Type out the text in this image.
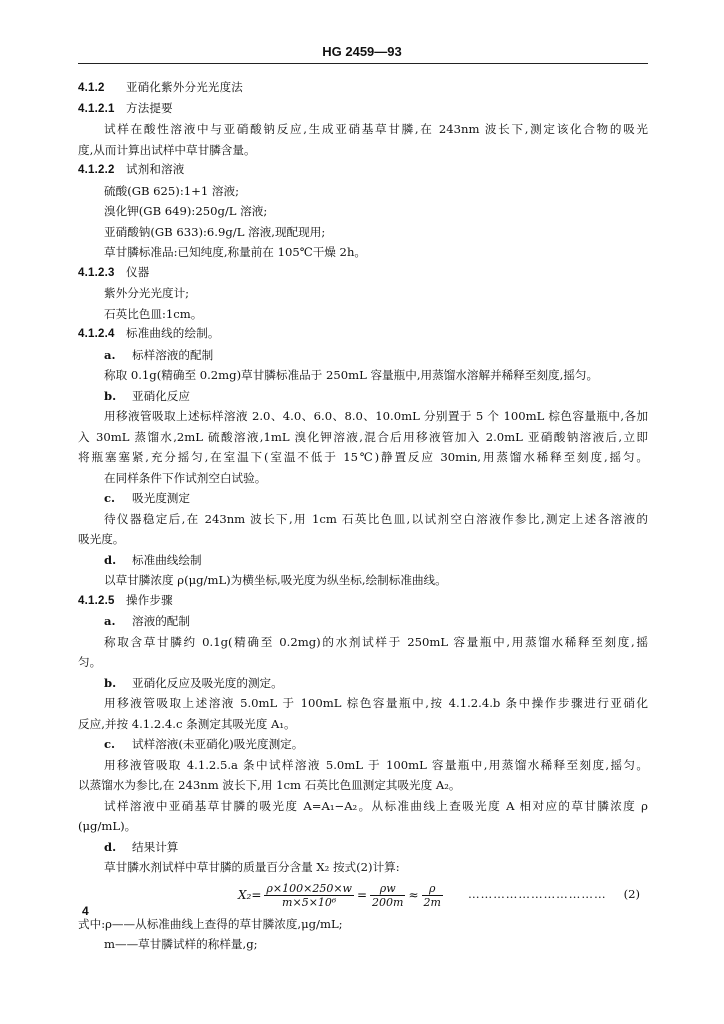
HG 2459—93
4.1.2 亚硝化紫外分光光度法
4.1.2.1 方法提要
试样在酸性溶液中与亚硝酸钠反应,生成亚硝基草甘膦,在 243nm 波长下,测定该化合物的吸光
度,从而计算出试样中草甘膦含量。
4.1.2.2 试剂和溶液
硫酸(GB 625):1+1 溶液;
溴化钾(GB 649):250g/L 溶液;
亚硝酸钠(GB 633):6.9g/L 溶液,现配现用;
草甘膦标准品:已知纯度,称量前在 105℃干燥 2h。
4.1.2.3 仪器
紫外分光光度计;
石英比色皿:1cm。
4.1.2.4 标准曲线的绘制。
a. 标样溶液的配制
称取 0.1g(精确至 0.2mg)草甘膦标准品于 250mL 容量瓶中,用蒸馏水溶解并稀释至刻度,摇匀。
b. 亚硝化反应
用移液管吸取上述标样溶液 2.0、4.0、6.0、8.0、10.0mL 分别置于 5 个 100mL 棕色容量瓶中,各加
入 30mL 蒸馏水,2mL 硫酸溶液,1mL 溴化钾溶液,混合后用移液管加入 2.0mL 亚硝酸钠溶液后,立即
将瓶塞塞紧,充分摇匀,在室温下(室温不低于 15℃)静置反应 30min,用蒸馏水稀释至刻度,摇匀。
在同样条件下作试剂空白试验。
c. 吸光度测定
待仪器稳定后,在 243nm 波长下,用 1cm 石英比色皿,以试剂空白溶液作参比,测定上述各溶液的
吸光度。
d. 标准曲线绘制
以草甘膦浓度 ρ(μg/mL)为横坐标,吸光度为纵坐标,绘制标准曲线。
4.1.2.5 操作步骤
a. 溶液的配制
称取含草甘膦约 0.1g(精确至 0.2mg)的水剂试样于 250mL 容量瓶中,用蒸馏水稀释至刻度,摇
匀。
b. 亚硝化反应及吸光度的测定。
用移液管吸取上述溶液 5.0mL 于 100mL 棕色容量瓶中,按 4.1.2.4.b 条中操作步骤进行亚硝化
反应,并按 4.1.2.4.c 条测定其吸光度 A₁。
c. 试样溶液(未亚硝化)吸光度测定。
用移液管吸取 4.1.2.5.a 条中试样溶液 5.0mL 于 100mL 容量瓶中,用蒸馏水稀释至刻度,摇匀。
以蒸馏水为参比,在 243nm 波长下,用 1cm 石英比色皿测定其吸光度 A₂。
试样溶液中亚硝基草甘膦的吸光度 A=A₁−A₂。从标准曲线上查吸光度 A 相对应的草甘膦浓度 ρ
(μg/mL)。
d. 结果计算
草甘膦水剂试样中草甘膦的质量百分含量 X₂ 按式(2)计算:
$X_2= \frac{\rho\times 100\times 250\times w}{\text{m×5×10⁶}} = \frac{\rho w}{200m} \approx \frac{\rho}{2m}$ …………………………… (2)
式中:ρ——从标准曲线上查得的草甘膦浓度,μg/mL;
m——草甘膦试样的称样量,g;
4
